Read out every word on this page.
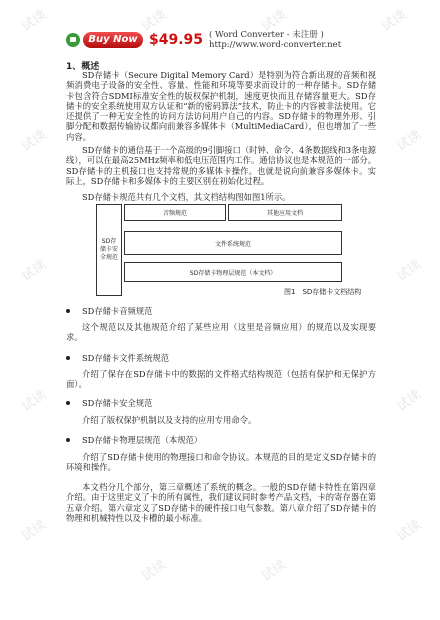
试读	试读	试读	试读
试读	试读
试读	试读
试读	试读
试读
试读	试读
试读
Buy Now $49.95 ( Word Converter - 未注册 ) http://www.word-converter.net
1、概述
SD存储卡（Secure Digital Memory Card）是特别为符合新出现的音频和视频消费电子设备的安全性、容量、性能和环境等要求而设计的一种存储卡。SD存储卡包含符合SDMI标准安全性的版权保护机制，速度更快而且存储容量更大。SD存储卡的安全系统使用双方认证和“新的密码算法”技术，防止卡的内容被非法使用。它还提供了一种无安全性的访问方法访问用户自己的内容。SD存储卡的物理外形、引脚分配和数据传输协议都向前兼容多媒体卡（MultiMediaCard），但也增加了一些内容。
SD存储卡的通信基于一个高级的9引脚接口（时钟、命令、4条数据线和3条电源线），可以在最高25MHz频率和低电压范围内工作。通信协议也是本规范的一部分。SD存储卡的主机接口也支持常规的多媒体卡操作。也就是说向前兼容多媒体卡。实际上，SD存储卡和多媒体卡的主要区别在初始化过程。
SD存储卡规范共有几个文档，其文档结构图如图1所示。
SD存储卡安全规范
音频规范	其他应用文档
文件系统规范
SD存储卡物理层规范（本文档）
图1　SD存储卡文档结构
SD存储卡音频规范
这个规范以及其他规范介绍了某些应用（这里是音频应用）的规范以及实现要求。
SD存储卡文件系统规范
介绍了保存在SD存储卡中的数据的文件格式结构规范（包括有保护和无保护方面）。
SD存储卡安全规范
介绍了版权保护机制以及支持的应用专用命令。
SD存储卡物理层规范（本规范）
介绍了SD存储卡使用的物理接口和命令协议。本规范的目的是定义SD存储卡的环境和操作。
本文档分几个部分，第三章概述了系统的概念。一般的SD存储卡特性在第四章介绍。由于这里定义了卡的所有属性，我们建议同时参考产品文档，卡的寄存器在第五章介绍。第六章定义了SD存储卡的硬件接口电气参数。第八章介绍了SD存储卡的物理和机械特性以及卡槽的最小标准。
